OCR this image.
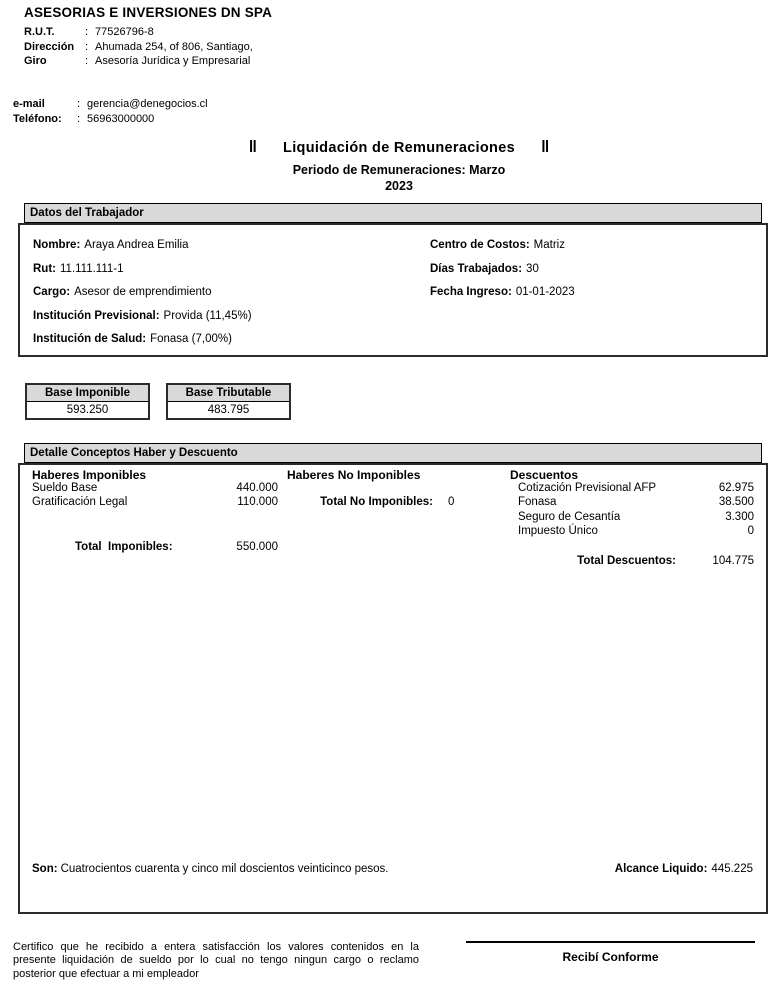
ASESORIAS E INVERSIONES DN SPA
R.U.T.	: 77526796-8
Dirección : Ahumada 254, of 806, Santiago,
Giro	: Asesoría Jurídica y Empresarial
e-mail	: gerencia@denegocios.cl
Teléfono:	: 56963000000
‖ Liquidación de Remuneraciones ‖
Periodo de Remuneraciones: Marzo
2023
Datos del Trabajador
Nombre: Araya Andrea Emilia	Centro de Costos: Matriz
Rut: 11.111.111-1	Días Trabajados: 30
Cargo: Asesor de emprendimiento	Fecha Ingreso: 01-01-2023
Institución Previsional: Provida (11,45%)
Institución de Salud: Fonasa (7,00%)
Base Imponible
593.250
Base Tributable
483.795
Detalle Conceptos Haber y Descuento
Haberes Imponibles
Sueldo Base	440.000
Gratificación Legal	110.000
Total  Imponibles:	550.000
Haberes No Imponibles
Total No Imponibles: 0
Descuentos
Cotización Previsional AFP	62.975
Fonasa	38.500
Seguro de Cesantía	3.300
Impuesto Único	0
Total Descuentos:	104.775
Son: Cuatrocientos cuarenta y cinco mil doscientos veinticinco pesos.	Alcance Liquido: 445.225
Certifico que he recibido a entera satisfacción los valores contenidos en la presente liquidación de sueldo por lo cual no tengo ningun cargo o reclamo posterior que efectuar a mi empleador
Recibí Conforme
